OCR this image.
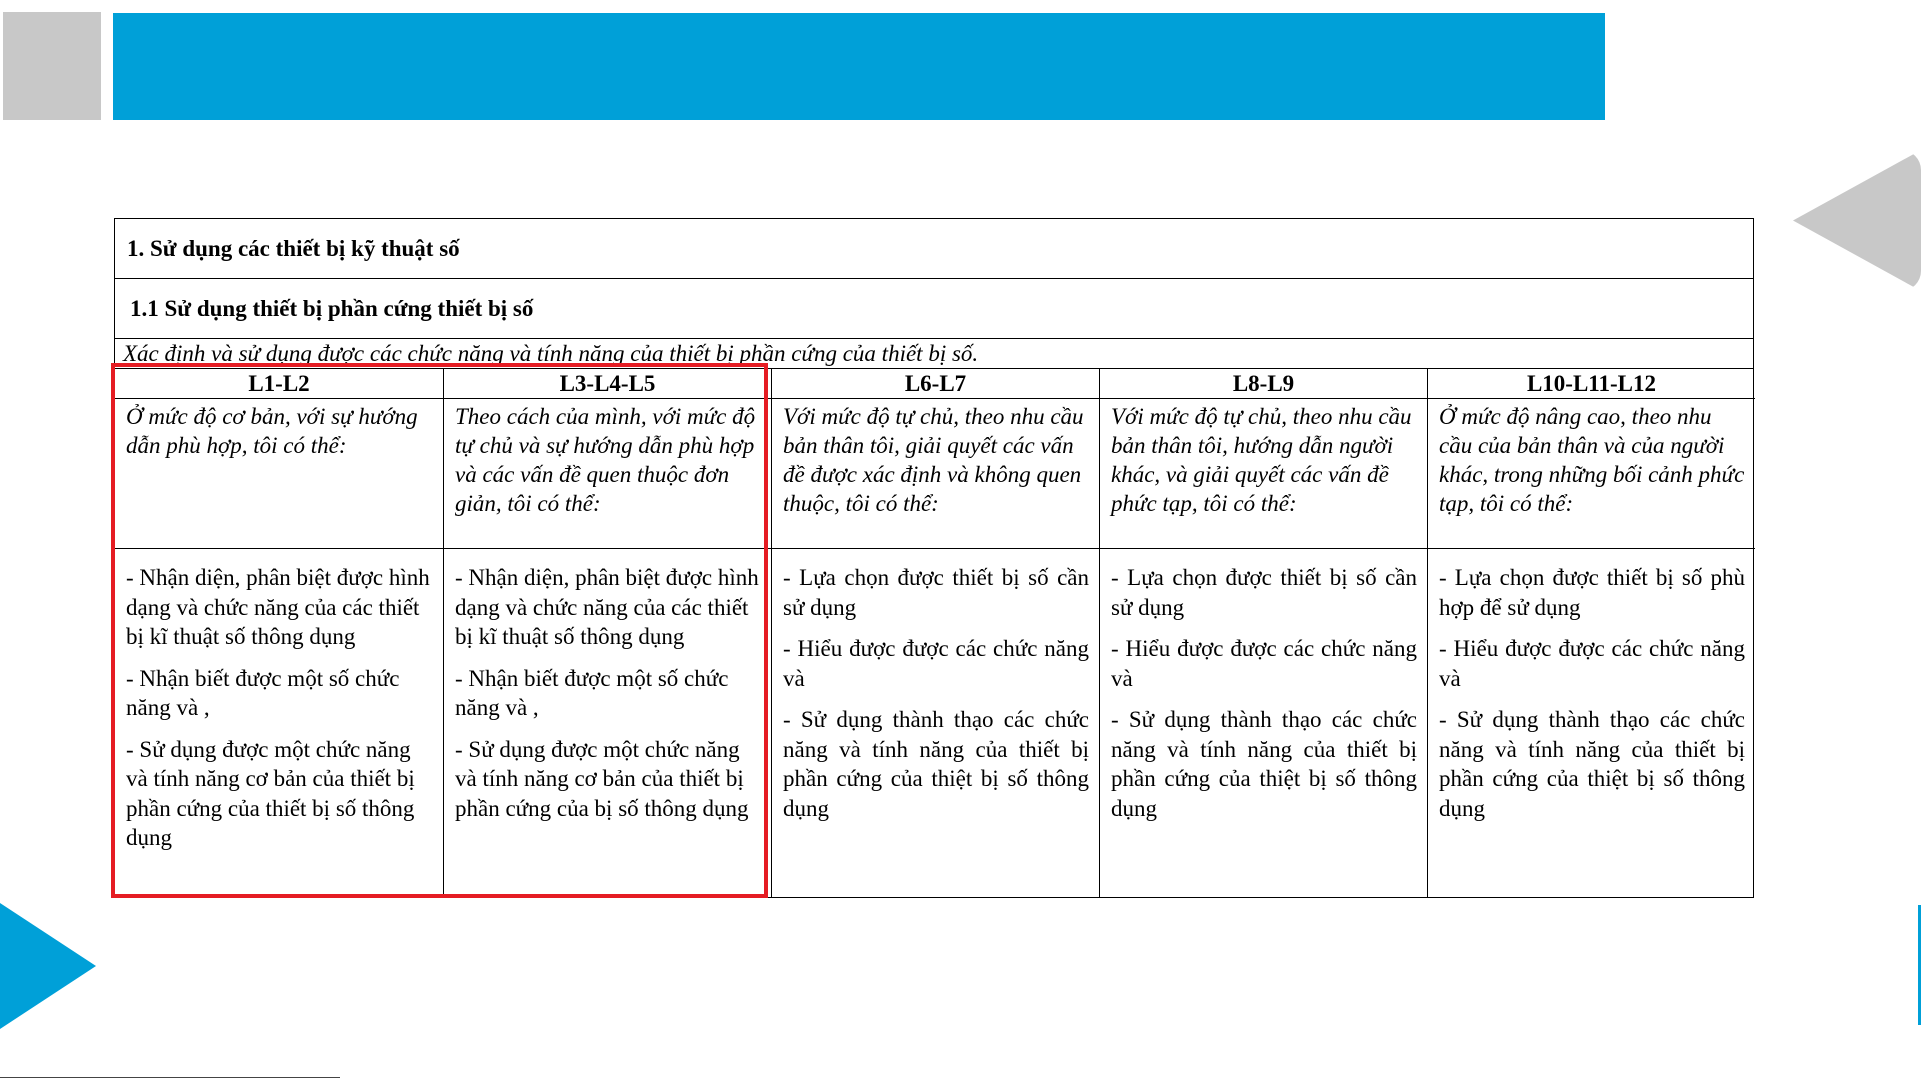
1. Sử dụng các thiết bị kỹ thuật số
1.1 Sử dụng thiết bị phần cứng thiết bị số
Xác định và sử dụng được các chức năng và tính năng của thiết bị phần cứng của thiết bị số.
L1-L2
Ở mức độ cơ bản, với sự hướng dẫn phù hợp, tôi có thể:

- Nhận diện, phân biệt được hình dạng và chức năng của các thiết bị kĩ thuật số thông dụng

- Nhận biết được một số chức năng và ,

- Sử dụng được một chức năng và tính năng cơ bản của thiết bị phần cứng của thiết bị số thông dụng

L3-L4-L5
Theo cách của mình, với mức độ tự chủ và sự hướng dẫn phù hợp và các vấn đề quen thuộc đơn giản, tôi có thể:

- Nhận diện, phân biệt được hình dạng và chức năng của các thiết bị kĩ thuật số thông dụng

- Nhận biết được một số chức năng và ,

- Sử dụng được một chức năng và tính năng cơ bản của thiết bị phần cứng của bị số thông dụng

L6-L7
Với mức độ tự chủ, theo nhu cầu bản thân tôi, giải quyết các vấn đề được xác định và không quen thuộc, tôi có thể:

- Lựa chọn được thiết bị số cần sử dụng

- Hiểu được được các chức năng và

- Sử dụng thành thạo các chức năng và tính năng của thiết bị phần cứng của thiệt bị số thông dụng

L8-L9
Với mức độ tự chủ, theo nhu cầu bản thân tôi, hướng dẫn người khác, và giải quyết các vấn đề phức tạp, tôi có thể:

- Lựa chọn được thiết bị số cần sử dụng

- Hiểu được được các chức năng và

- Sử dụng thành thạo các chức năng và tính năng của thiết bị phần cứng của thiệt bị số thông dụng

L10-L11-L12
Ở mức độ nâng cao, theo nhu cầu của bản thân và của người khác, trong những bối cảnh phức tạp, tôi có thể:

- Lựa chọn được thiết bị số phù hợp để sử dụng

- Hiểu được được các chức năng và

- Sử dụng thành thạo các chức năng và tính năng của thiết bị phần cứng của thiệt bị số thông dụng
